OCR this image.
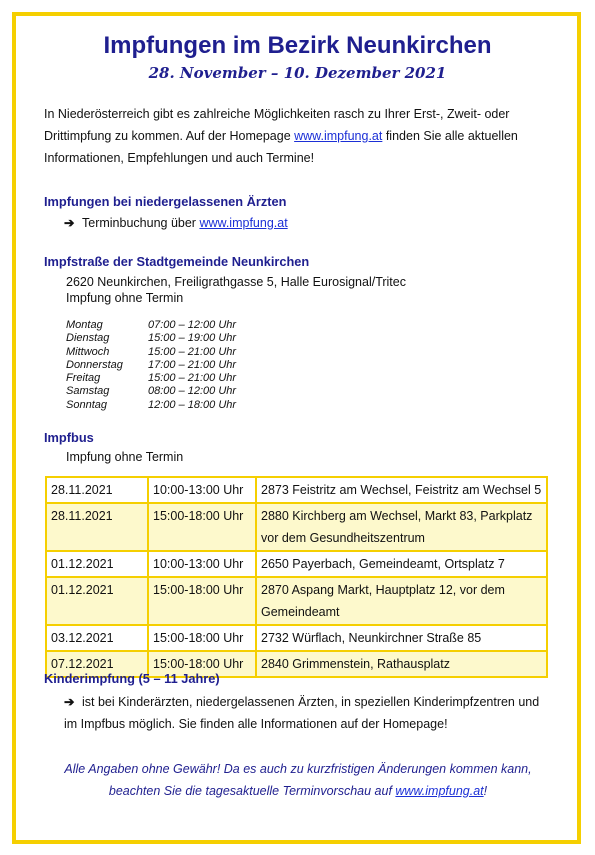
Impfungen im Bezirk Neunkirchen
28. November – 10. Dezember 2021
In Niederösterreich gibt es zahlreiche Möglichkeiten rasch zu Ihrer Erst-, Zweit- oder Drittimpfung zu kommen. Auf der Homepage www.impfung.at finden Sie alle aktuellen Informationen, Empfehlungen und auch Termine!
Impfungen bei niedergelassenen Ärzten
➔ Terminbuchung über www.impfung.at
Impfstraße der Stadtgemeinde Neunkirchen
2620 Neunkirchen, Freiligrathgasse 5, Halle Eurosignal/Tritec
Impfung ohne Termin
Montag	07:00 – 12:00 Uhr
Dienstag	15:00 – 19:00 Uhr
Mittwoch	15:00 – 21:00 Uhr
Donnerstag	17:00 – 21:00 Uhr
Freitag	15:00 – 21:00 Uhr
Samstag	08:00 – 12:00 Uhr
Sonntag	12:00 – 18:00 Uhr
Impfbus
Impfung ohne Termin
28.11.2021	10:00-13:00 Uhr	2873 Feistritz am Wechsel, Feistritz am Wechsel 5
28.11.2021	15:00-18:00 Uhr	2880 Kirchberg am Wechsel, Markt 83, Parkplatz vor dem Gesundheitszentrum
01.12.2021	10:00-13:00 Uhr	2650 Payerbach, Gemeindeamt, Ortsplatz 7
01.12.2021	15:00-18:00 Uhr	2870 Aspang Markt, Hauptplatz 12, vor dem Gemeindeamt
03.12.2021	15:00-18:00 Uhr	2732 Würflach, Neunkirchner Straße 85
07.12.2021	15:00-18:00 Uhr	2840 Grimmenstein, Rathausplatz
Kinderimpfung (5 – 11 Jahre)
➔ ist bei Kinderärzten, niedergelassenen Ärzten, in speziellen Kinderimpfzentren und im Impfbus möglich. Sie finden alle Informationen auf der Homepage!
Alle Angaben ohne Gewähr! Da es auch zu kurzfristigen Änderungen kommen kann, beachten Sie die tagesaktuelle Terminvorschau auf www.impfung.at!
